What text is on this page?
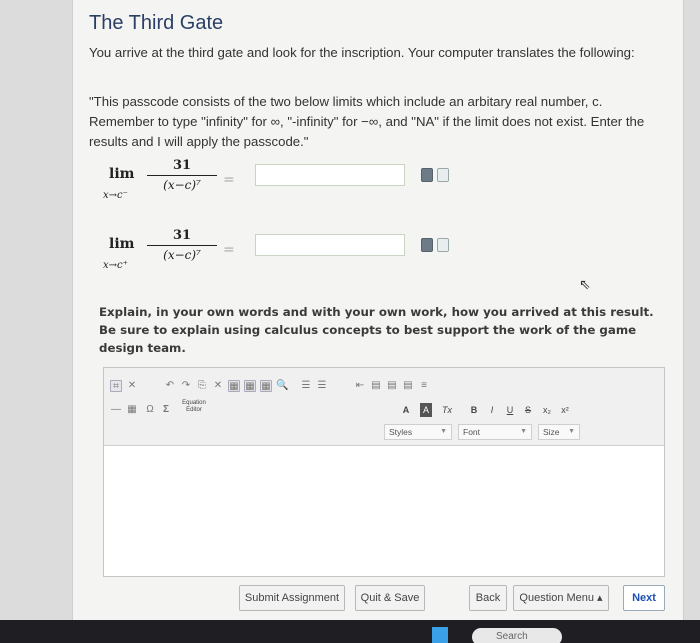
The Third Gate
You arrive at the third gate and look for the inscription. Your computer translates the following:
"This passcode consists of the two below limits which include an arbitary real number, c. Remember to type "infinity" for ∞, "-infinity" for −∞, and "NA" if the limit does not exist. Enter the results and I will apply the passcode."
lim
x→c⁻
$\frac{31}{\text{(x−c)⁷}}$ =
lim
x→c⁺
$\frac{31}{\text{(x−c)⁷}}$ =
⇖
Explain, in your own words and with your own work, how you arrived at this result. Be sure to explain using calculus concepts to best support the work of the game design team.
⌗ ✕	↶ ↷ ⎘ ✕ ▦ ▦ ▦ 🔍 ☰ ☰	⇤ ▤ ▤ ▤ ≡
— ▦ Ω Σ
Equation Editor	A	A	Tx	B	I	U	S	x₂	x²
Styles	▼	Font	▼	Size ▼
Submit Assignment	Quit & Save	Back	Question Menu ▴	Next
Search
